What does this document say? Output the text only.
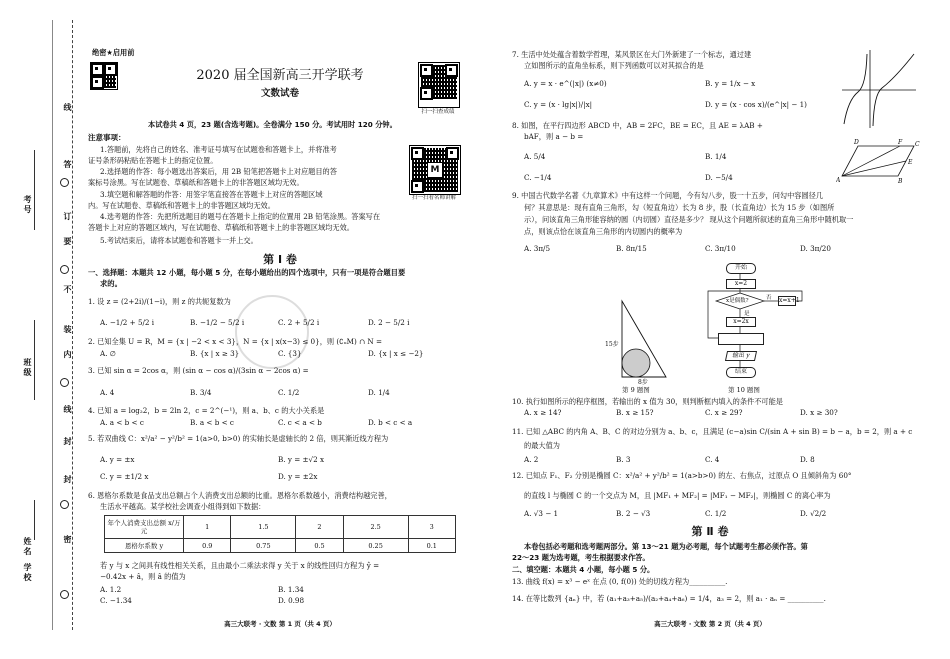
考号
班级
姓名
学校
线
答
订
要
不
装
内
线
封
封
密
绝密★启用前
2020 届全国新高三开学联考
文数试卷
扫一扫查成绩
本试卷共 4 页，23 题(含选考题)。全卷满分 150 分。考试用时 120 分钟。
注意事项：
1.答题前，先将自己的姓名、准考证号填写在试题卷和答题卡上，并将准考
证号条形码粘贴在答题卡上的指定位置。
2.选择题的作答：每小题选出答案后，用 2B 铅笔把答题卡上对应题目的答
案标号涂黑。写在试题卷、草稿纸和答题卡上的非答题区域均无效。
3.填空题和解答题的作答：用签字笔直接答在答题卡上对应的答题区域
内。写在试题卷、草稿纸和答题卡上的非答题区域均无效。
4.选考题的作答：先把所选题目的题号在答题卡上指定的位置用 2B 铅笔涂黑。答案写在
答题卡上对应的答题区域内，写在试题卷、草稿纸和答题卡上的非答题区域均无效。
5.考试结束后，请将本试题卷和答题卡一并上交。
M
扫一扫看名师讲解
第 Ⅰ 卷
一、选择题：本题共 12 小题，每小题 5 分，在每小题给出的四个选项中，只有一项是符合题目要
求的。
1. 设 z = (2+2i)/(1−i)，则 z 的共轭复数为
A. −1/2 + 5/2 i	B. −1/2 − 5/2 i	C. 2 + 5/2 i	D. 2 − 5/2 i
2. 已知全集 U = R，M = {x | −2 < x < 3}，N = {x | x(x−3) ≤ 0}，则 (∁ᵤM) ∩ N =
A. ∅	B. {x | x ≥ 3}	C. {3}	D. {x | x ≤ −2}
3. 已知 sin α = 2cos α，则 (sin α − cos α)/(3sin α − 2cos α) =
A. 4	B. 3/4	C. 1/2	D. 1/4
4. 已知 a = log₂2，b = 2ln 2，c = 2^(−¹)，则 a、b、c 的大小关系是
A. a < b < c	B. a < b < c	C. c < a < b	D. b < c < a
5. 若双曲线 C：x²/a² − y²/b² = 1(a>0, b>0) 的实轴长是虚轴长的 2 倍，则其渐近线方程为
A. y = ±x	B. y = ±√2 x
C. y = ±1/2 x	D. y = ±2x
6. 恩格尔系数是食品支出总额占个人消费支出总额的比重。恩格尔系数越小，消费结构越完善，
生活水平越高。某学校社会调查小组得到如下数据：
年个人消费支出总额 x/万元	1	1.5	2	2.5	3
恩格尔系数 y	0.9	0.75	0.5	0.25	0.1
若 y 与 x 之间具有线性相关关系，且由最小二乘法求得 y 关于 x 的线性回归方程为 ŷ =
−0.42x + â，则 â 的值为
A. 1.2	B. 1.34
C. −1.34	D. 0.98
高三大联考 · 文数 第 1 页（共 4 页）
7. 生活中处处蕴含着数学哲理，某风景区在大门外新建了一个标志，通过建
立如图所示的直角坐标系，则下列函数可以对其拟合的是
A. y = x · e^(|x|) (x≠0)	B. y = 1/x − x
C. y = (x · lg|x|)/|x|	D. y = (x · cos x)/(e^|x| − 1)
8. 如图，在平行四边形 ABCD 中，AB = 2FC，BE = EC，且 AE = λAB +
bAF，则 a − b =
A. 5/4	B. 1/4
C. −1/4	D. −5/4	A	B
C
D
E
F
9. 中国古代数学名著《九章算术》中有这样一个问题，今有勾八步，股一十五步，问勾中容圆径几
何？其意思是：现有直角三角形，勾（短直角边）长为 8 步，股（长直角边）长为 15 步（如图所
示），问该直角三角形能容纳的圆（内切圆）直径是多少？ 现从这个问题所叙述的直角三角形中随机取一
点，则该点恰在该直角三角形的内切圆内的概率为
A. 3π/5	B. 8π/15	C. 3π/10	D. 3π/20
15步
8步
第 9 题图
开始
x=2
x是偶数?	否 x=x+1
是
x=2x
输出 y
结束
第 10 题图
10. 执行如图所示的程序框图，若输出的 x 值为 30，则判断框内填入的条件不可能是
A. x ≥ 14?	B. x ≥ 15?	C. x ≥ 29?	D. x ≥ 30?
11. 已知 △ABC 的内角 A、B、C 的对边分别为 a、b、c，且满足 (c−a)sin C/(sin A + sin B) = b − a，b = 2，则 a + c
的最大值为
A. 2	B. 3	C. 4	D. 8
12. 已知点 F₁、F₂ 分别是椭圆 C：x²/a² + y²/b² = 1(a>b>0) 的左、右焦点，过原点 O 且倾斜角为 60°
的直线 l 与椭圆 C 的一个交点为 M，且 |MF₁ + MF₂| = |MF₁ − MF₂|，则椭圆 C 的离心率为
A. √3 − 1	B. 2 − √3	C. 1/2	D. √2/2
第 Ⅱ 卷
本卷包括必考题和选考题两部分。第 13～21 题为必考题，每个试题考生都必须作答。第
22～23 题为选考题，考生根据要求作答。
二、填空题：本题共 4 小题，每小题 5 分。
13. 曲线 f(x) = x³ − eˣ 在点 (0, f(0)) 处的切线方程为__________.
14. 在等比数列 {aₙ} 中，若 (a₁+a₃+a₅)/(a₂+a₄+a₆) = 1/4，a₃ = 2，则 a₁ · aₙ = __________.
高三大联考 · 文数 第 2 页（共 4 页）
